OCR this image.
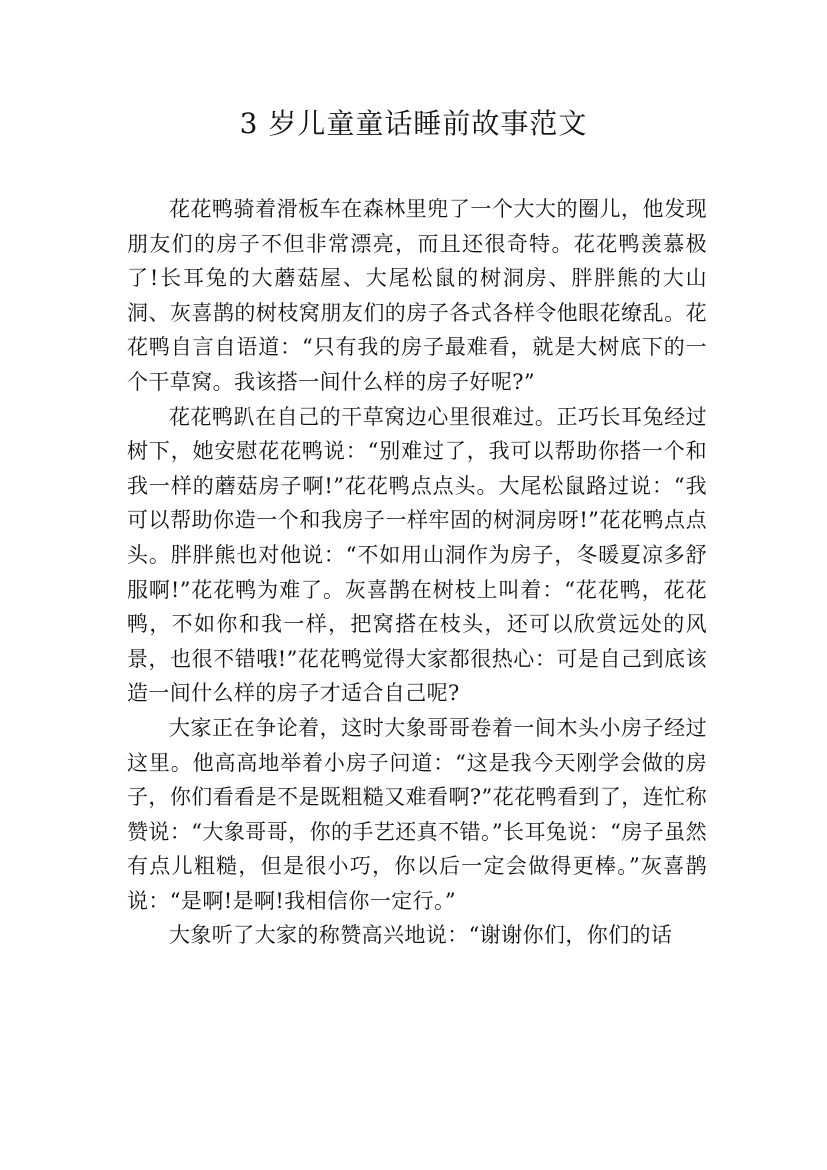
3 岁儿童童话睡前故事范文

花花鸭骑着滑板车在森林里兜了一个大大的圈儿，他发现朋友们的房子不但非常漂亮，而且还很奇特。花花鸭羡慕极了!长耳兔的大蘑菇屋、大尾松鼠的树洞房、胖胖熊的大山洞、灰喜鹊的树枝窝朋友们的房子各式各样令他眼花缭乱。花花鸭自言自语道：“只有我的房子最难看，就是大树底下的一个干草窝。我该搭一间什么样的房子好呢?”

花花鸭趴在自己的干草窝边心里很难过。正巧长耳兔经过树下，她安慰花花鸭说：“别难过了，我可以帮助你搭一个和我一样的蘑菇房子啊!”花花鸭点点头。大尾松鼠路过说：“我可以帮助你造一个和我房子一样牢固的树洞房呀!”花花鸭点点头。胖胖熊也对他说：“不如用山洞作为房子，冬暖夏凉多舒服啊!”花花鸭为难了。灰喜鹊在树枝上叫着：“花花鸭，花花鸭，不如你和我一样，把窝搭在枝头，还可以欣赏远处的风景，也很不错哦!”花花鸭觉得大家都很热心：可是自己到底该造一间什么样的房子才适合自己呢?

大家正在争论着，这时大象哥哥卷着一间木头小房子经过这里。他高高地举着小房子问道：“这是我今天刚学会做的房子，你们看看是不是既粗糙又难看啊?”花花鸭看到了，连忙称赞说：“大象哥哥，你的手艺还真不错。”长耳兔说：“房子虽然有点儿粗糙，但是很小巧，你以后一定会做得更棒。”灰喜鹊说：“是啊!是啊!我相信你一定行。”

大象听了大家的称赞高兴地说：“谢谢你们，你们的话
